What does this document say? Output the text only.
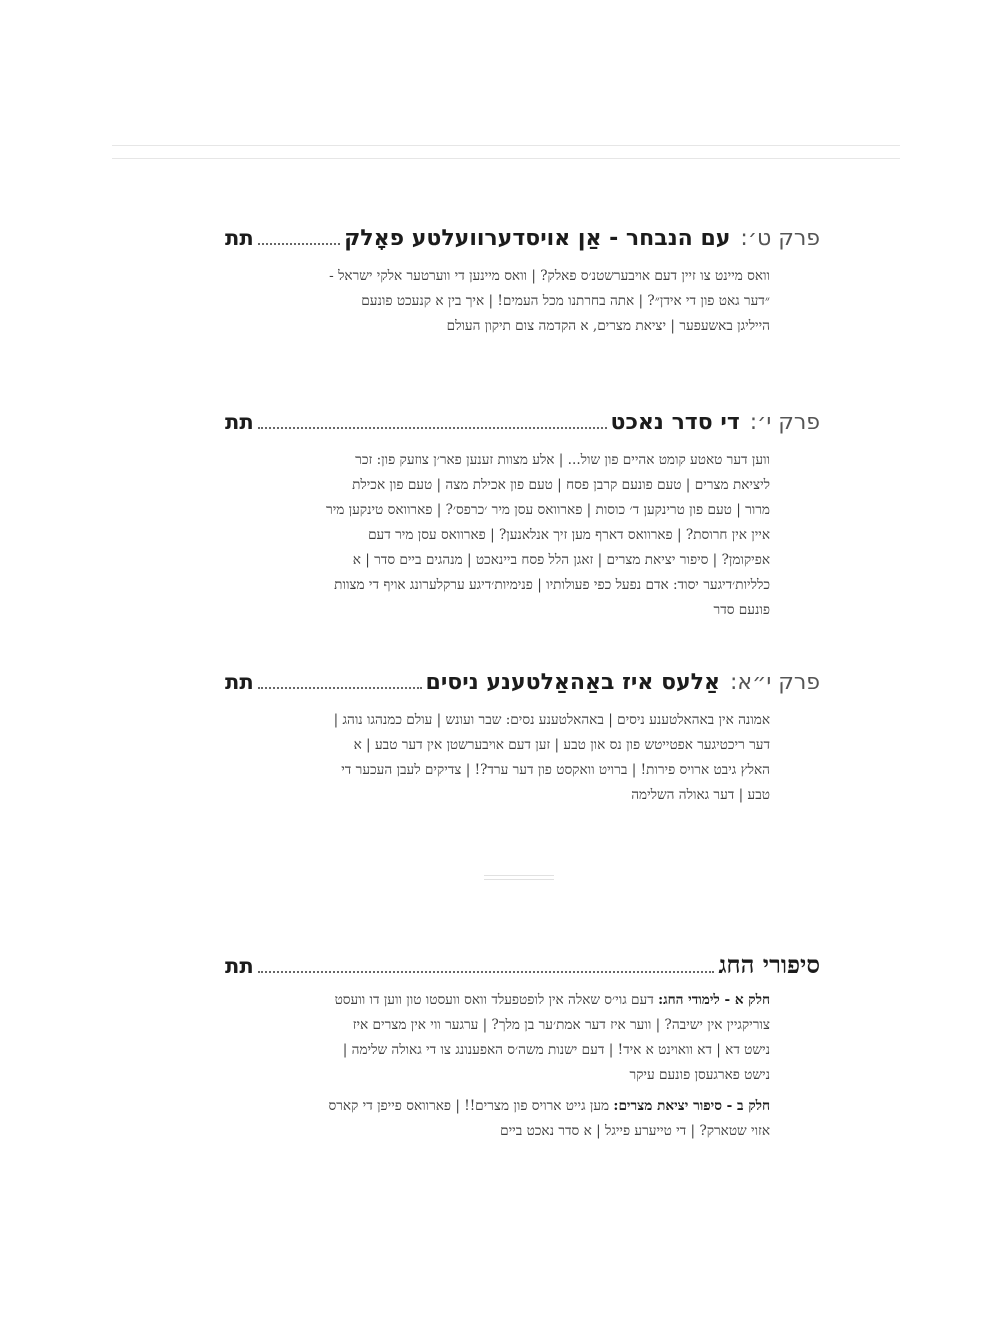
פרק ט׳:
עם הנבחר - אַן אויסדערוועלטע פאָלק
תת
וואס מיינט צו זיין דעם אויבערשטנ׳ס פאלק? | וואס מיינען די ווערטער אלקי ישראל - ״דער גאט פון די אידן״? | אתה בחרתנו מכל העמים! | איך בין א קנעכט פונעם הייליגן באשעפער | יציאת מצרים, א הקדמה צום תיקון העולם
פרק י׳:
די סדר נאכט
תת
ווען דער טאטע קומט אהיים פון שול... | אלע מצוות זענען פאר׳ן צוזעק פון: זכר ליציאת מצרים | טעם פונעם קרבן פסח | טעם פון אכילת מצה | טעם פון אכילת מרור | טעם פון טרינקען ד׳ כוסות | פארוואס עסן מיר ׳כרפס׳? | פארוואס טינקען מיר איין אין חרוסת? | פארוואס דארף מען זיך אנלאנען? | פארוואס עסן מיר דעם אפיקומן? | סיפור יציאת מצרים | זאגן הלל פסח ביינאכט | מנהגים ביים סדר | א כלליות׳דיגער יסוד: אדם נפעל כפי פעולותיו | פנימיות׳דיגע ערקלערונג אויף די מצוות פונעם סדר
פרק י״א:
אַלעס איז באַהאַלטענע ניסים
תת
אמונה אין באהאלטענע ניסים | באהאלטענע נסים: שבר ועונש | עולם כמנהגו נוהג | דער ריכטיגער אפטייטש פון נס און טבע | זען דעם אויבערשטן אין דער טבע | א האלץ גיבט ארויס פירות! | ברויט וואקסט פון דער ערד?! | צדיקים לעבן העכער די טבע | דער גאולה השלימה
סיפורי החג
תת

חלק א - לימודי החג: דעם גוי׳ס שאלה אין לופטפעלד וואס וועסטו טון ווען דו וועסט צוריקגיין אין ישיבה? | ווער איז דער אמת׳ער בן מלך? | ערגער ווי אין מצרים איז נישט דא | דא וואוינט א איד! | דעם ישנות משה׳ס האפענונג צו די גאולה שלימה | נישט פארגעסן פונעם עיקר

חלק ב - סיפור יציאת מצרים: מען גייט ארויס פון מצרים!! | פארוואס פייפן די קארס אזוי שטארק? | די טייערע פייגל | א סדר נאכט ביים
